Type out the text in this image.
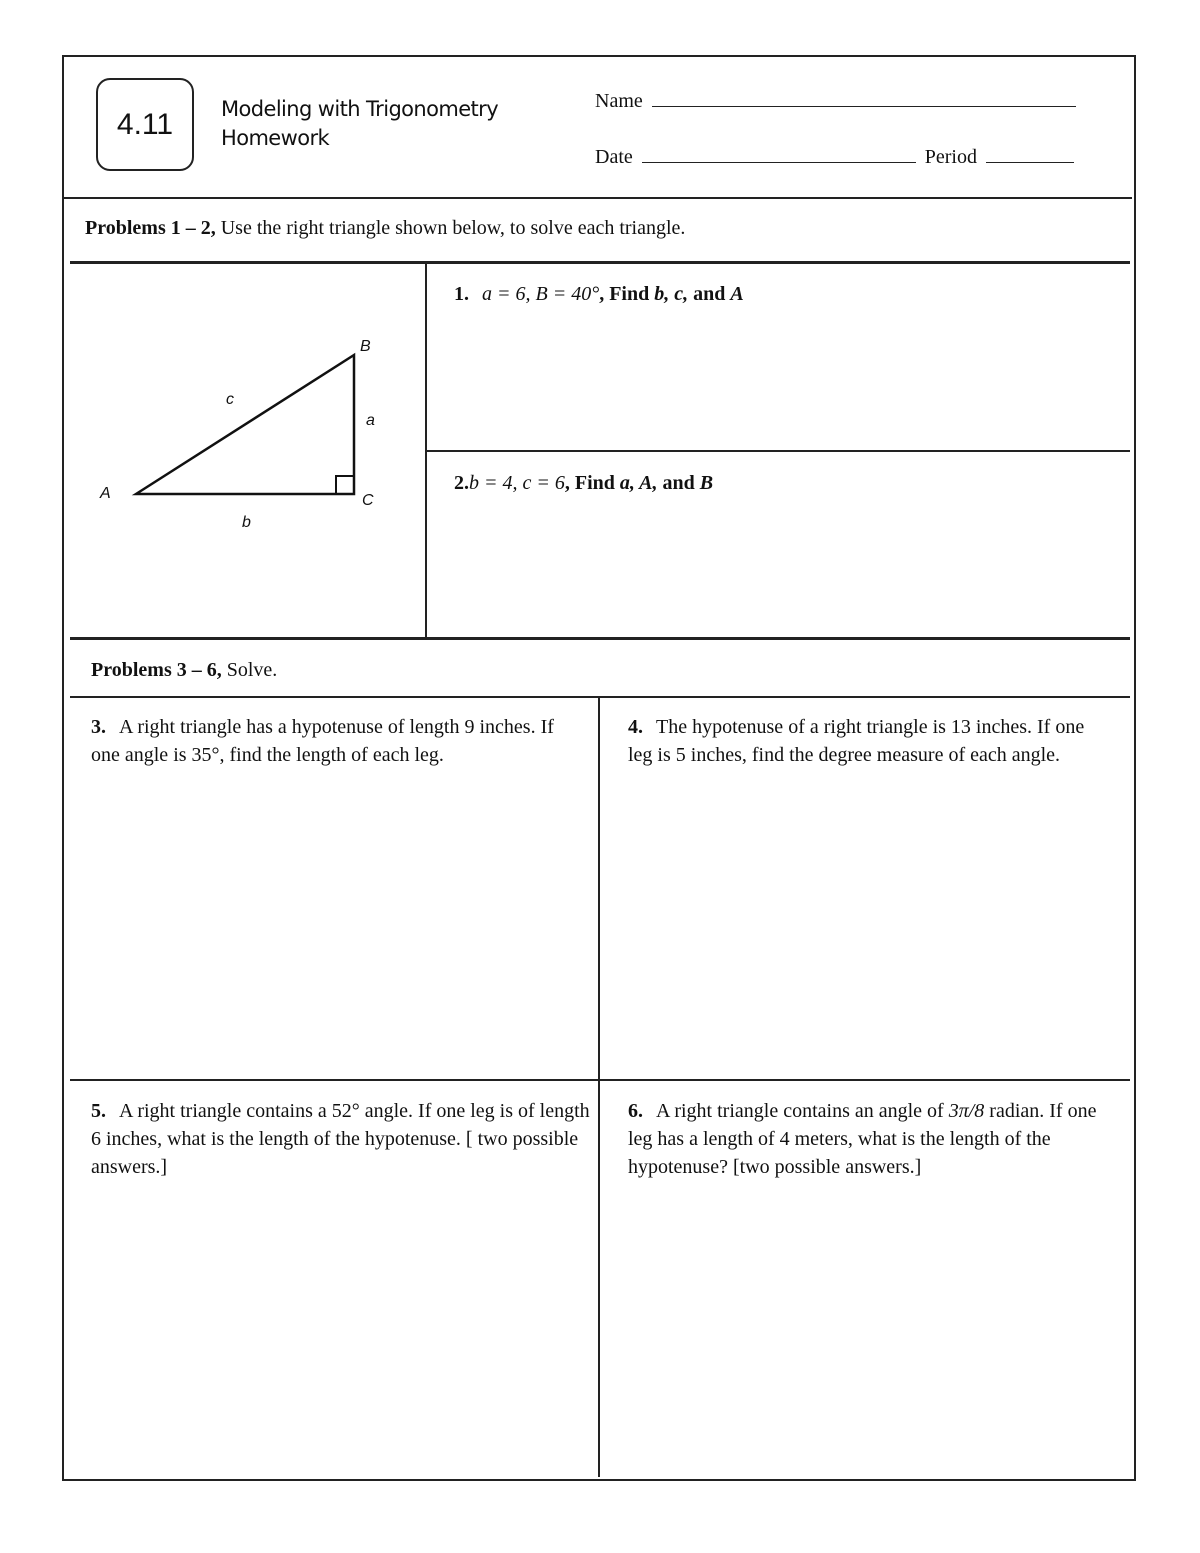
4.11 Modeling with Trigonometry
Homework
Name
Date	Period
Problems 1 – 2, Use the right triangle shown below, to solve each triangle.
A
B
C
a
b
c
1. a = 6, B = 40°, Find b, c, and A
2.b = 4, c = 6, Find a, A, and B
Problems 3 – 6, Solve.
3. A right triangle has a hypotenuse of length 9 inches. If one angle is 35°, find the length of each leg.
4. The hypotenuse of a right triangle is 13 inches. If one leg is 5 inches, find the degree measure of each angle.
5. A right triangle contains a 52° angle. If one leg is of length 6 inches, what is the length of the hypotenuse. [ two possible answers.]
6. A right triangle contains an angle of 3π/8 radian. If one leg has a length of 4 meters, what is the length of the hypotenuse? [two possible answers.]
